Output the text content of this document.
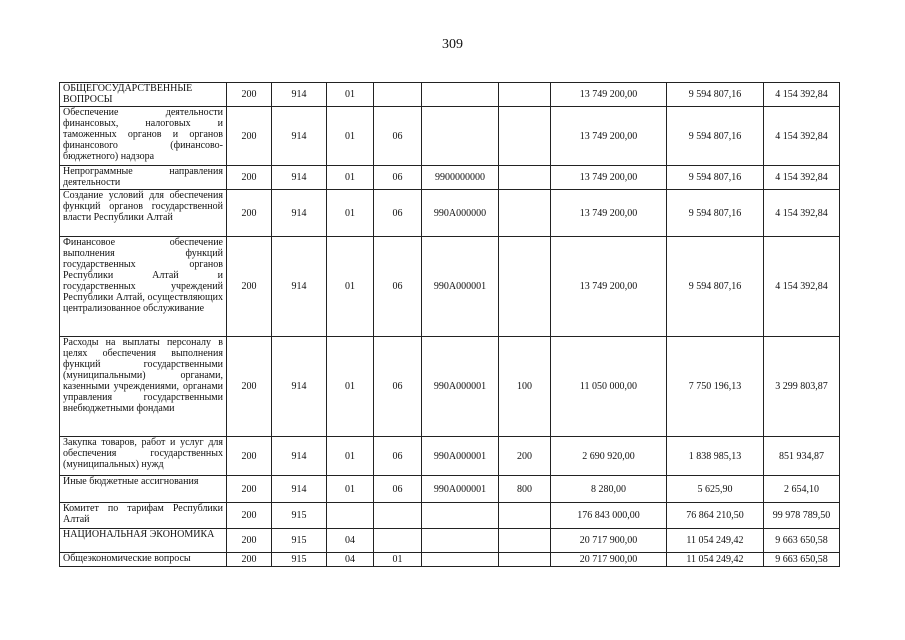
309
ОБЩЕГОСУДАРСТВЕННЫЕ ВОПРОСЫ	200	914	01				13 749 200,00	9 594 807,16	4 154 392,84
Обеспечение деятельности финансовых, налоговых и таможенных органов и органов финансового (финансово-бюджетного) надзора	200	914	01	06			13 749 200,00	9 594 807,16	4 154 392,84
Непрограммные направления деятельности	200	914	01	06	9900000000		13 749 200,00	9 594 807,16	4 154 392,84
Создание условий для обеспечения функций органов государственной власти Республики Алтай	200	914	01	06	990А000000		13 749 200,00	9 594 807,16	4 154 392,84
Финансовое обеспечение выполнения функций государственных органов Республики Алтай и государственных учреждений Республики Алтай, осуществляющих централизованное обслуживание	200	914	01	06	990А000001		13 749 200,00	9 594 807,16	4 154 392,84
Расходы на выплаты персоналу в целях обеспечения выполнения функций государственными (муниципальными) органами, казенными учреждениями, органами управления государственными внебюджетными фондами	200	914	01	06	990А000001	100	11 050 000,00	7 750 196,13	3 299 803,87
Закупка товаров, работ и услуг для обеспечения государственных (муниципальных) нужд	200	914	01	06	990А000001	200	2 690 920,00	1 838 985,13	851 934,87
Иные бюджетные ассигнования	200	914	01	06	990А000001	800	8 280,00	5 625,90	2 654,10
Комитет по тарифам Республики Алтай	200	915					176 843 000,00	76 864 210,50	99 978 789,50
НАЦИОНАЛЬНАЯ ЭКОНОМИКА	200	915	04				20 717 900,00	11 054 249,42	9 663 650,58
Общеэкономические вопросы	200	915	04	01			20 717 900,00	11 054 249,42	9 663 650,58
